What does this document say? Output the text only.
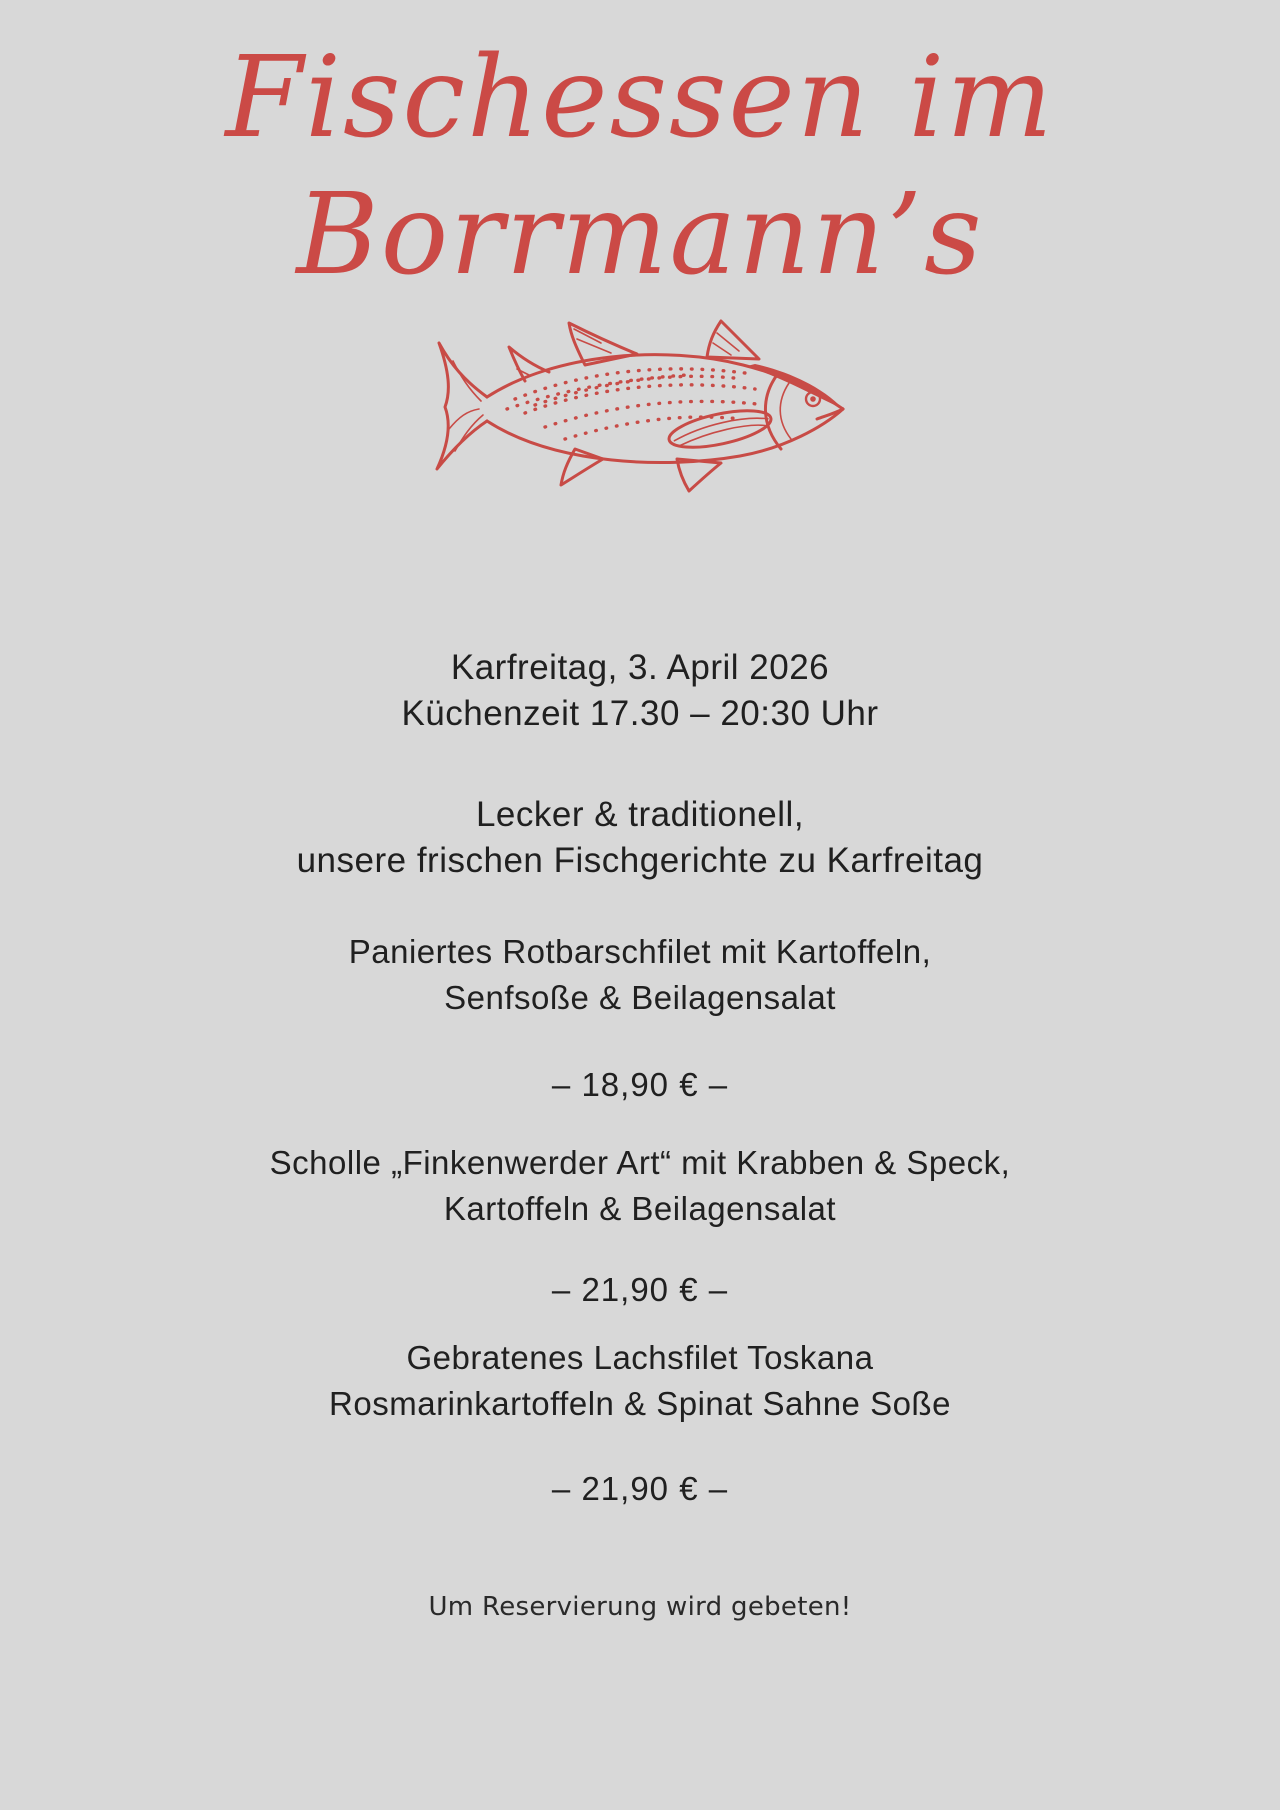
Fischessen im
Borrmann’s
Karfreitag, 3. April 2026
Küchenzeit 17.30 – 20:30 Uhr
Lecker & traditionell,
unsere frischen Fischgerichte zu Karfreitag
Paniertes Rotbarschfilet mit Kartoffeln,
Senfsoße & Beilagensalat
– 18,90 € –
Scholle „Finkenwerder Art“ mit Krabben & Speck,
Kartoffeln & Beilagensalat
– 21,90 € –
Gebratenes Lachsfilet Toskana
Rosmarinkartoffeln & Spinat Sahne Soße
– 21,90 € –
Um Reservierung wird gebeten!
